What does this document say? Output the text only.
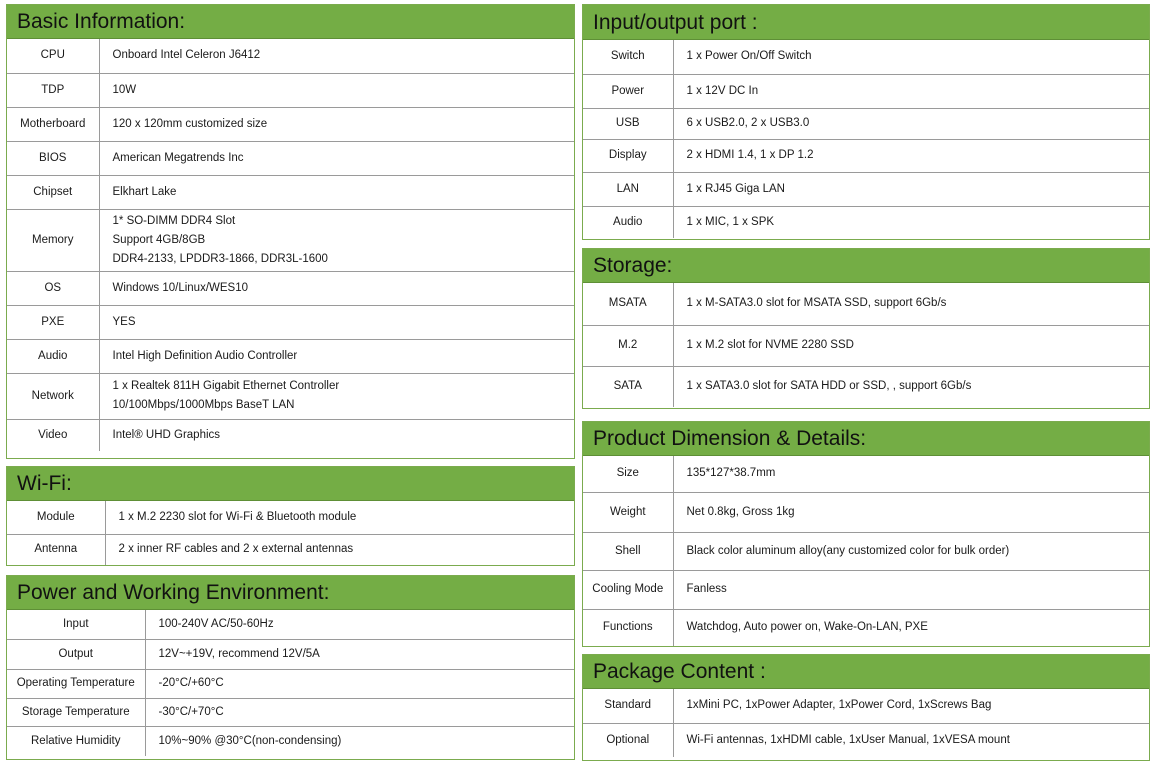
Basic Information:
CPU	Onboard Intel Celeron J6412

TDP	10W

Motherboard	120 x 120mm customized size

BIOS	American Megatrends Inc

Chipset	Elkhart Lake

Memory	1* SO-DIMM DDR4 Slot
Support 4GB/8GB
DDR4-2133, LPDDR3-1866, DDR3L-1600

OS	Windows 10/Linux/WES10

PXE	YES

Audio	Intel High Definition Audio Controller

Network	1 x Realtek 811H Gigabit Ethernet Controller
10/100Mbps/1000Mbps BaseT LAN

Video	Intel® UHD Graphics
Wi-Fi:
Module	1 x M.2 2230 slot for Wi-Fi & Bluetooth module

Antenna	2 x inner RF cables and 2 x external antennas
Power and Working Environment:
Input	100-240V AC/50-60Hz

Output	12V~+19V, recommend 12V/5A

Operating Temperature	-20°C/+60°C

Storage Temperature	-30°C/+70°C

Relative Humidity	10%~90% @30°C(non-condensing)
Input/output port :
Switch	1 x Power On/Off Switch

Power	1 x 12V DC In

USB	6 x USB2.0, 2 x USB3.0

Display	2 x HDMI 1.4, 1 x DP 1.2

LAN	1 x RJ45 Giga LAN

Audio	1 x MIC, 1 x SPK
Storage:
MSATA	1 x M-SATA3.0 slot for MSATA SSD, support 6Gb/s

M.2	1 x M.2 slot for NVME 2280 SSD

SATA	1 x SATA3.0 slot for SATA HDD or SSD, , support 6Gb/s
Product Dimension & Details:
Size	135*127*38.7mm

Weight	Net 0.8kg, Gross 1kg

Shell	Black color aluminum alloy(any customized color for bulk order)

Cooling Mode	Fanless

Functions	Watchdog, Auto power on, Wake-On-LAN, PXE
Package Content :
Standard	1xMini PC, 1xPower Adapter, 1xPower Cord, 1xScrews Bag

Optional	Wi-Fi antennas, 1xHDMI cable, 1xUser Manual, 1xVESA mount
